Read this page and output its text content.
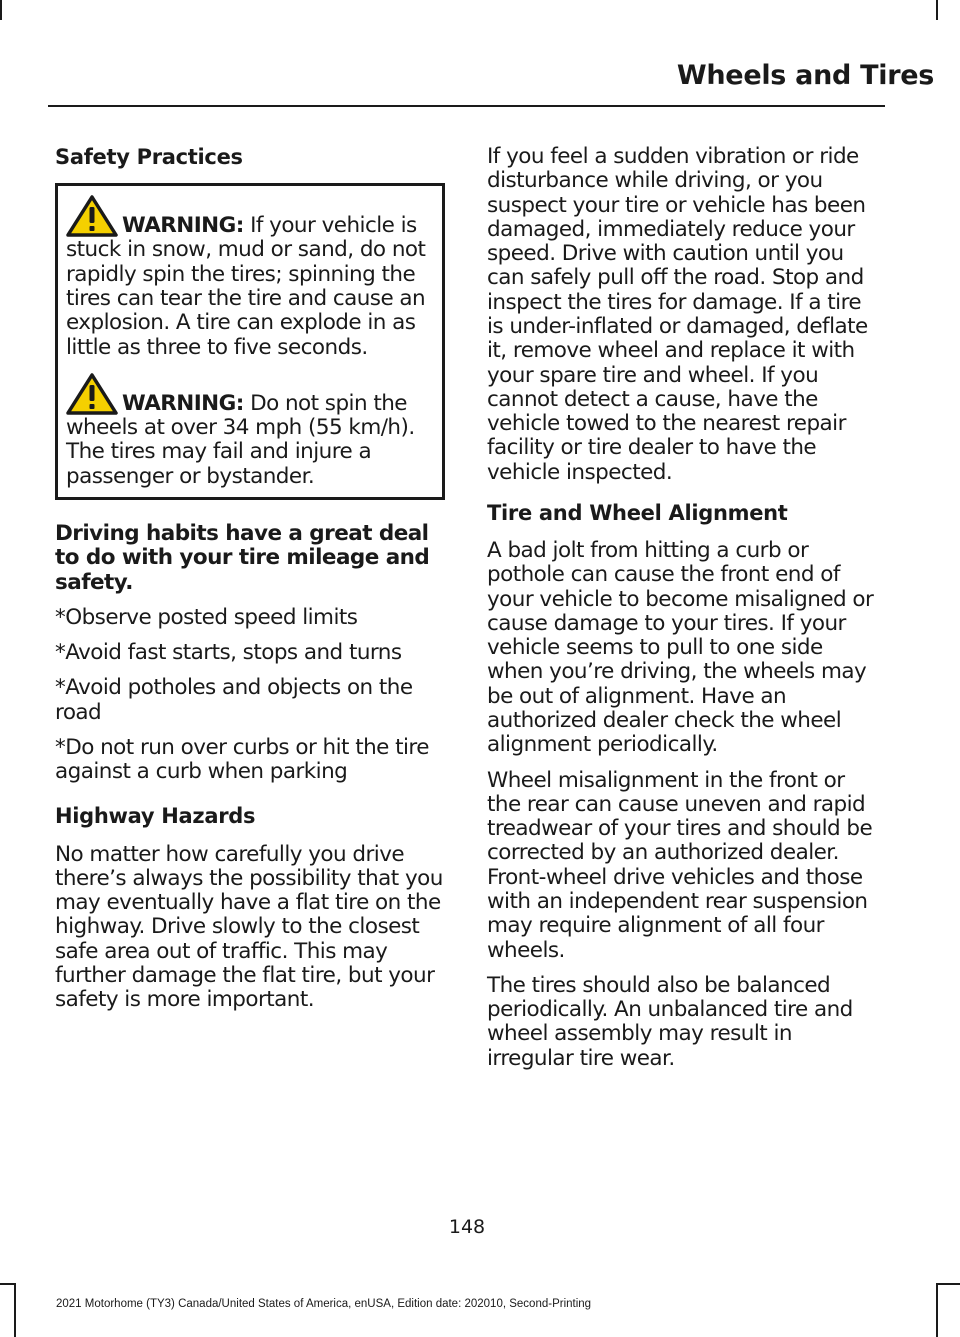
Wheels and Tires
Safety Practices

WARNING: If your vehicle is stuck in snow, mud or sand, do not rapidly spin the tires; spinning the tires can tear the tire and cause an explosion. A tire can explode in as little as three to five seconds.

WARNING: Do not spin the wheels at over 34 mph (55 km/h). The tires may fail and injure a passenger or bystander.

Driving habits have a great deal to do with your tire mileage and safety.

*Observe posted speed limits

*Avoid fast starts, stops and turns

*Avoid potholes and objects on the road

*Do not run over curbs or hit the tire against a curb when parking

Highway Hazards

No matter how carefully you drive there’s always the possibility that you may eventually have a flat tire on the highway. Drive slowly to the closest safe area out of traffic. This may further damage the flat tire, but your safety is more important.

If you feel a sudden vibration or ride disturbance while driving, or you suspect your tire or vehicle has been damaged, immediately reduce your speed. Drive with caution until you can safely pull off the road. Stop and inspect the tires for damage. If a tire is under-inflated or damaged, deflate it, remove wheel and replace it with your spare tire and wheel. If you cannot detect a cause, have the vehicle towed to the nearest repair facility or tire dealer to have the vehicle inspected.

Tire and Wheel Alignment

A bad jolt from hitting a curb or pothole can cause the front end of your vehicle to become misaligned or cause damage to your tires. If your vehicle seems to pull to one side when you’re driving, the wheels may be out of alignment. Have an authorized dealer check the wheel alignment periodically.

Wheel misalignment in the front or the rear can cause uneven and rapid treadwear of your tires and should be corrected by an authorized dealer. Front-wheel drive vehicles and those with an independent rear suspension may require alignment of all four wheels.

The tires should also be balanced periodically. An unbalanced tire and wheel assembly may result in irregular tire wear.

148

2021 Motorhome (TY3) Canada/United States of America, enUSA, Edition date: 202010, Second-Printing
